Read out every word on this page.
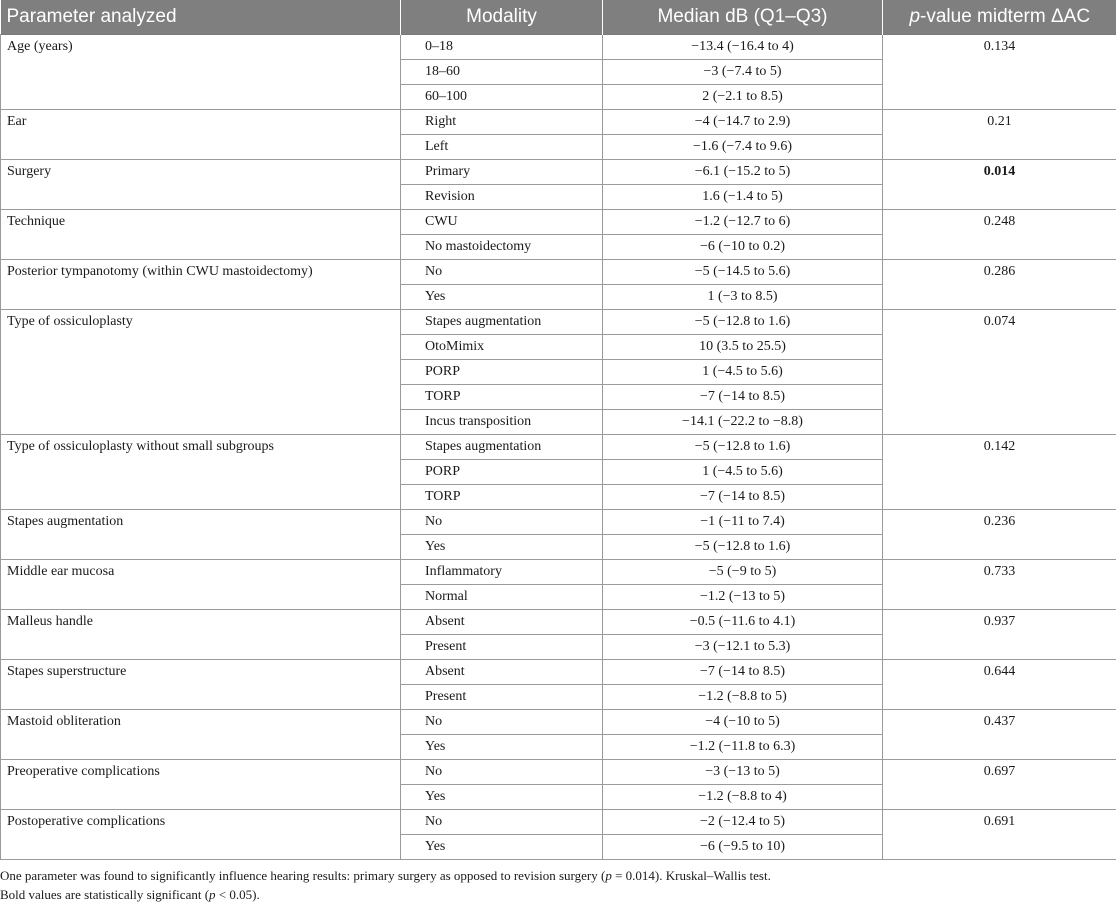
Parameter analyzed	Modality	Median dB (Q1–Q3)	p-value midterm ΔAC
Age (years)	0–18	−13.4 (−16.4 to 4)	0.134
	18–60	−3 (−7.4 to 5)	
	60–100	2 (−2.1 to 8.5)	
Ear	Right	−4 (−14.7 to 2.9)	0.21
	Left	−1.6 (−7.4 to 9.6)	
Surgery	Primary	−6.1 (−15.2 to 5)	0.014
	Revision	1.6 (−1.4 to 5)	
Technique	CWU	−1.2 (−12.7 to 6)	0.248
	No mastoidectomy	−6 (−10 to 0.2)	
Posterior tympanotomy (within CWU mastoidectomy)	No	−5 (−14.5 to 5.6)	0.286
	Yes	1 (−3 to 8.5)	
Type of ossiculoplasty	Stapes augmentation	−5 (−12.8 to 1.6)	0.074
	OtoMimix	10 (3.5 to 25.5)	
	PORP	1 (−4.5 to 5.6)	
	TORP	−7 (−14 to 8.5)	
	Incus transposition	−14.1 (−22.2 to −8.8)	
Type of ossiculoplasty without small subgroups	Stapes augmentation	−5 (−12.8 to 1.6)	0.142
	PORP	1 (−4.5 to 5.6)	
	TORP	−7 (−14 to 8.5)	
Stapes augmentation	No	−1 (−11 to 7.4)	0.236
	Yes	−5 (−12.8 to 1.6)	
Middle ear mucosa	Inflammatory	−5 (−9 to 5)	0.733
	Normal	−1.2 (−13 to 5)	
Malleus handle	Absent	−0.5 (−11.6 to 4.1)	0.937
	Present	−3 (−12.1 to 5.3)	
Stapes superstructure	Absent	−7 (−14 to 8.5)	0.644
	Present	−1.2 (−8.8 to 5)	
Mastoid obliteration	No	−4 (−10 to 5)	0.437
	Yes	−1.2 (−11.8 to 6.3)	
Preoperative complications	No	−3 (−13 to 5)	0.697
	Yes	−1.2 (−8.8 to 4)	
Postoperative complications	No	−2 (−12.4 to 5)	0.691
	Yes	−6 (−9.5 to 10)	
One parameter was found to significantly influence hearing results: primary surgery as opposed to revision surgery (p = 0.014). Kruskal–Wallis test.
Bold values are statistically significant (p < 0.05).
